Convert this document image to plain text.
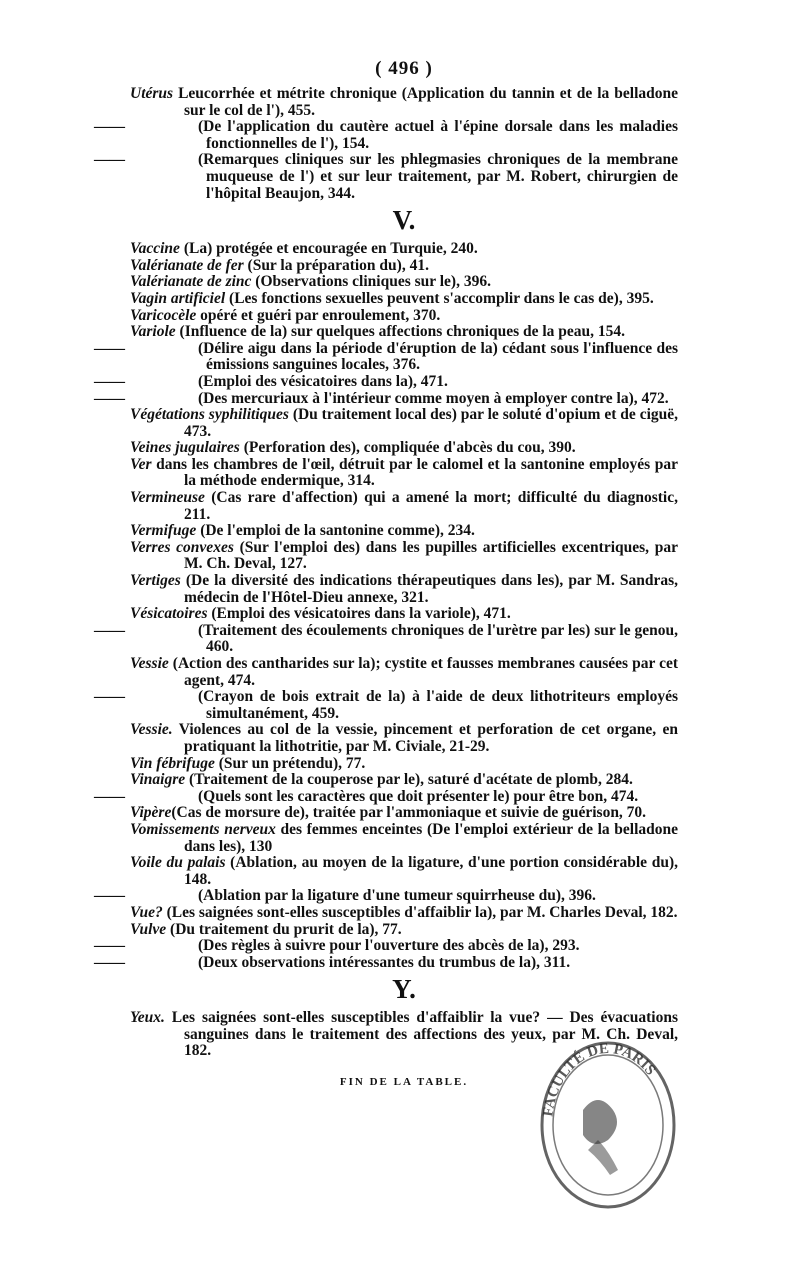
( 496 )

Utérus Leucorrhée et métrite chronique (Application du tannin et de la belladone sur le col de l'), 455.

——	(De l'application du cautère actuel à l'épine dorsale dans les maladies fonctionnelles de l'), 154.

——	(Remarques cliniques sur les phlegmasies chroniques de la membrane muqueuse de l') et sur leur traitement, par M. Robert, chirurgien de l'hôpital Beaujon, 344.

V.

Vaccine (La) protégée et encouragée en Turquie, 240.

Valérianate de fer (Sur la préparation du), 41.

Valérianate de zinc (Observations cliniques sur le), 396.

Vagin artificiel (Les fonctions sexuelles peuvent s'accomplir dans le cas de), 395.

Varicocèle opéré et guéri par enroulement, 370.

Variole (Influence de la) sur quelques affections chroniques de la peau, 154.

——	(Délire aigu dans la période d'éruption de la) cédant sous l'influence des émissions sanguines locales, 376.

——	(Emploi des vésicatoires dans la), 471.

——	(Des mercuriaux à l'intérieur comme moyen à employer contre la), 472.

Végétations syphilitiques (Du traitement local des) par le soluté d'opium et de ciguë, 473.

Veines jugulaires (Perforation des), compliquée d'abcès du cou, 390.

Ver dans les chambres de l'œil, détruit par le calomel et la santonine employés par la méthode endermique, 314.

Vermineuse (Cas rare d'affection) qui a amené la mort; difficulté du diagnostic, 211.

Vermifuge (De l'emploi de la santonine comme), 234.

Verres convexes (Sur l'emploi des) dans les pupilles artificielles excentriques, par M. Ch. Deval, 127.

Vertiges (De la diversité des indications thérapeutiques dans les), par M. Sandras, médecin de l'Hôtel-Dieu annexe, 321.

Vésicatoires (Emploi des vésicatoires dans la variole), 471.

——	(Traitement des écoulements chroniques de l'urètre par les) sur le genou, 460.

Vessie (Action des cantharides sur la); cystite et fausses membranes causées par cet agent, 474.

——	(Crayon de bois extrait de la) à l'aide de deux lithotriteurs employés simultanément, 459.

Vessie. Violences au col de la vessie, pincement et perforation de cet organe, en pratiquant la lithotritie, par M. Civiale, 21-29.

Vin fébrifuge (Sur un prétendu), 77.

Vinaigre (Traitement de la couperose par le), saturé d'acétate de plomb, 284.

——	(Quels sont les caractères que doit présenter le) pour être bon, 474.

Vipère(Cas de morsure de), traitée par l'ammoniaque et suivie de guérison, 70.

Vomissements nerveux des femmes enceintes (De l'emploi extérieur de la belladone dans les), 130

Voile du palais (Ablation, au moyen de la ligature, d'une portion considérable du), 148.

——	(Ablation par la ligature d'une tumeur squirrheuse du), 396.

Vue? (Les saignées sont-elles susceptibles d'affaiblir la), par M. Charles Deval, 182.

Vulve (Du traitement du prurit de la), 77.

——	(Des règles à suivre pour l'ouverture des abcès de la), 293.

——	(Deux observations intéressantes du trumbus de la), 311.

Y.

Yeux. Les saignées sont-elles susceptibles d'affaiblir la vue? — Des évacuations sanguines dans le traitement des affections des yeux, par M. Ch. Deval, 182.

FIN DE LA TABLE.
FACULTÉ DE PARIS
